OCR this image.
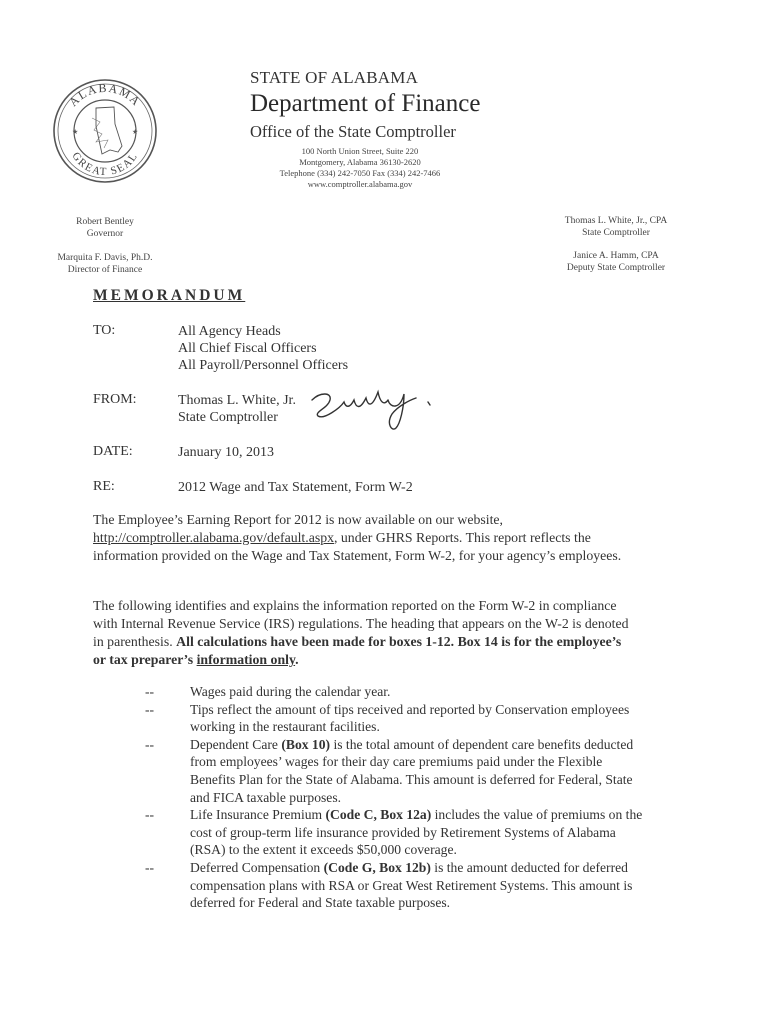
ALABAMA
GREAT SEAL
★	★
STATE OF ALABAMA
Department of Finance
Office of the State Comptroller
100 North Union Street, Suite 220
Montgomery, Alabama 36130-2620
Telephone (334) 242-7050 Fax (334) 242-7466
www.comptroller.alabama.gov
Robert Bentley
Governor
Marquita F. Davis, Ph.D.
Director of Finance
Thomas L. White, Jr., CPA
State Comptroller
Janice A. Hamm, CPA
Deputy State Comptroller
MEMORANDUM
TO:	All Agency Heads
All Chief Fiscal Officers
All Payroll/Personnel Officers
FROM:	Thomas L. White, Jr.
State Comptroller
DATE:	January 10, 2013
RE:	2012 Wage and Tax Statement, Form W-2
The Employee’s Earning Report for 2012 is now available on our website, http://comptroller.alabama.gov/default.aspx, under GHRS Reports. This report reflects the information provided on the Wage and Tax Statement, Form W-2, for your agency’s employees.
The following identifies and explains the information reported on the Form W-2 in compliance with Internal Revenue Service (IRS) regulations. The heading that appears on the W-2 is denoted in parenthesis. All calculations have been made for boxes 1-12. Box 14 is for the employee’s or tax preparer’s information only.
--	Wages paid during the calendar year.
--	Tips reflect the amount of tips received and reported by Conservation employees working in the restaurant facilities.
--	Dependent Care (Box 10) is the total amount of dependent care benefits deducted from employees’ wages for their day care premiums paid under the Flexible Benefits Plan for the State of Alabama. This amount is deferred for Federal, State and FICA taxable purposes.
--	Life Insurance Premium (Code C, Box 12a) includes the value of premiums on the cost of group-term life insurance provided by Retirement Systems of Alabama (RSA) to the extent it exceeds $50,000 coverage.
--	Deferred Compensation (Code G, Box 12b) is the amount deducted for deferred compensation plans with RSA or Great West Retirement Systems. This amount is deferred for Federal and State taxable purposes.
